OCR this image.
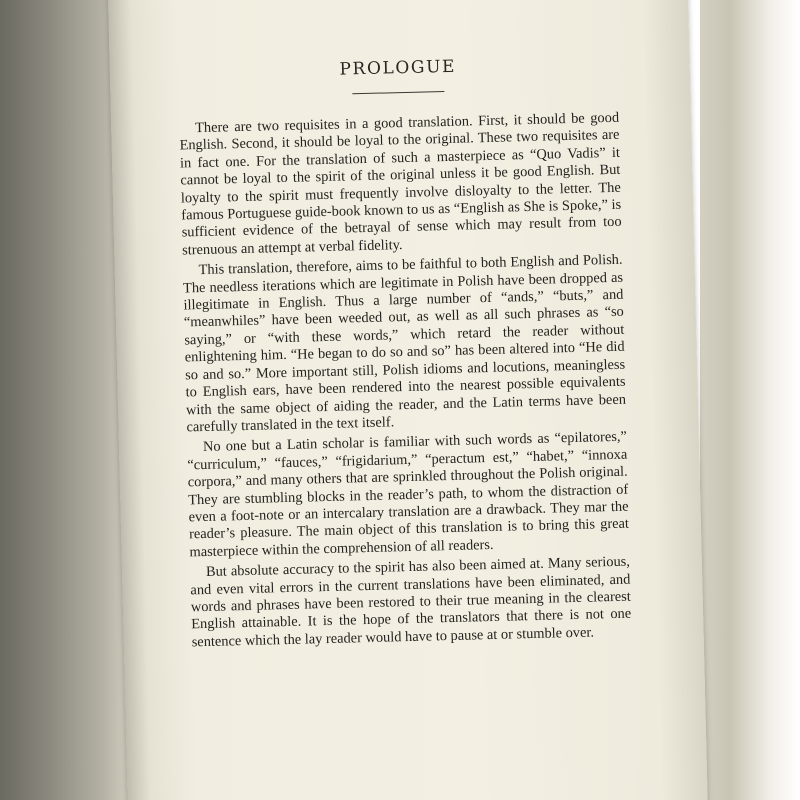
PROLOGUE

There are two requisites in a good translation. First, it should be good English. Second, it should be loyal to the original. These two requisites are in fact one. For the translation of such a masterpiece as “Quo Vadis” it cannot be loyal to the spirit of the original unless it be good English. But loyalty to the spirit must frequently involve disloyalty to the letter. The famous Portuguese guide-book known to us as “English as She is Spoke,” is sufficient evidence of the betrayal of sense which may result from too strenuous an attempt at verbal fidelity.

This translation, therefore, aims to be faithful to both English and Polish. The needless iterations which are legitimate in Polish have been dropped as illegitimate in English. Thus a large number of “ands,” “buts,” and “meanwhiles” have been weeded out, as well as all such phrases as “so saying,” or “with these words,” which retard the reader without enlightening him. “He began to do so and so” has been altered into “He did so and so.” More important still, Polish idioms and locutions, meaningless to English ears, have been rendered into the nearest possible equivalents with the same object of aiding the reader, and the Latin terms have been carefully translated in the text itself.

No one but a Latin scholar is familiar with such words as “epilatores,” “curriculum,” “fauces,” “frigidarium,” “peractum est,” “habet,” “innoxa corpora,” and many others that are sprinkled throughout the Polish original. They are stumbling blocks in the reader’s path, to whom the distraction of even a foot-note or an intercalary translation are a drawback. They mar the reader’s pleasure. The main object of this translation is to bring this great masterpiece within the comprehension of all readers.

But absolute accuracy to the spirit has also been aimed at. Many serious, and even vital errors in the current translations have been eliminated, and words and phrases have been restored to their true meaning in the clearest English attainable. It is the hope of the translators that there is not one sentence which the lay reader would have to pause at or stumble over.
